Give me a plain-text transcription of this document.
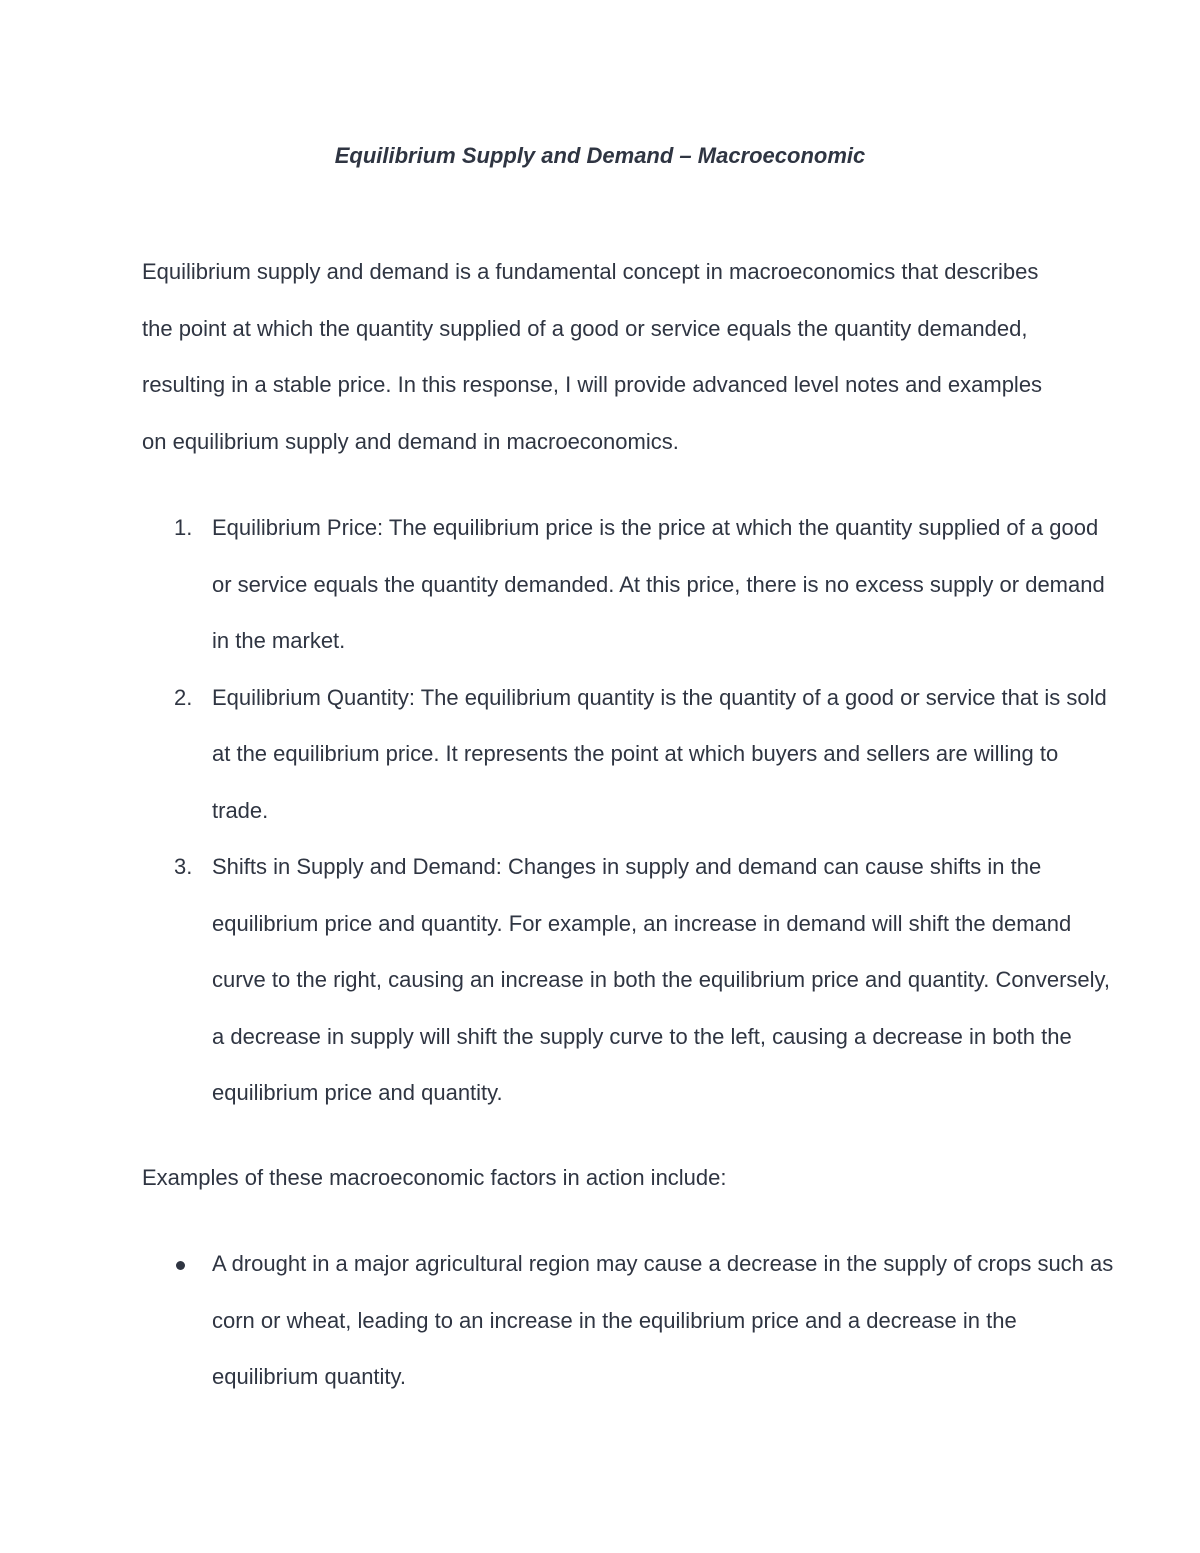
Equilibrium Supply and Demand – Macroeconomic

Equilibrium supply and demand is a fundamental concept in macroeconomics that describes the point at which the quantity supplied of a good or service equals the quantity demanded, resulting in a stable price. In this response, I will provide advanced level notes and examples on equilibrium supply and demand in macroeconomics.

1. Equilibrium Price: The equilibrium price is the price at which the quantity supplied of a good or service equals the quantity demanded. At this price, there is no excess supply or demand in the market.
2. Equilibrium Quantity: The equilibrium quantity is the quantity of a good or service that is sold at the equilibrium price. It represents the point at which buyers and sellers are willing to trade.
3. Shifts in Supply and Demand: Changes in supply and demand can cause shifts in the equilibrium price and quantity. For example, an increase in demand will shift the demand curve to the right, causing an increase in both the equilibrium price and quantity. Conversely, a decrease in supply will shift the supply curve to the left, causing a decrease in both the equilibrium price and quantity.

Examples of these macroeconomic factors in action include:

A drought in a major agricultural region may cause a decrease in the supply of crops such as corn or wheat, leading to an increase in the equilibrium price and a decrease in the equilibrium quantity.
